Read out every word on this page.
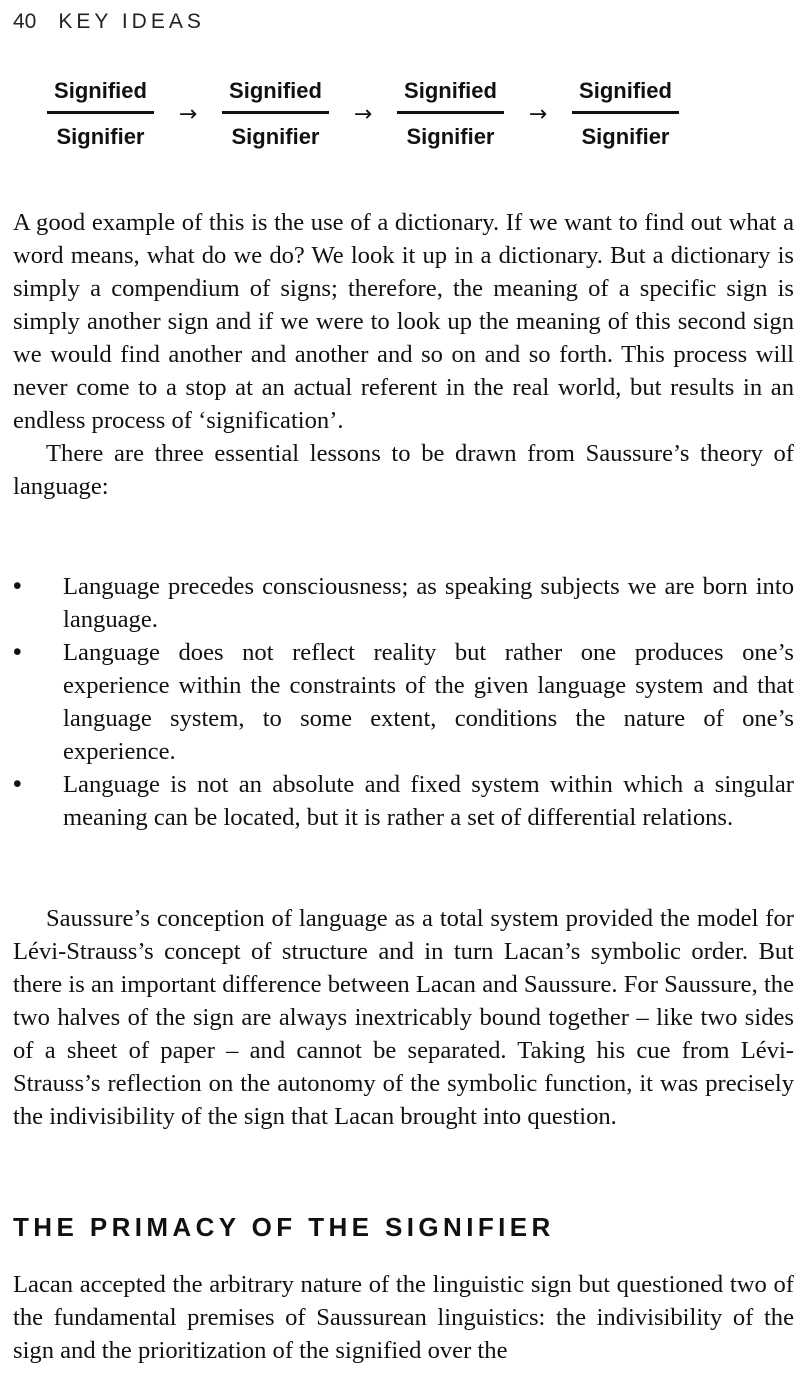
40 KEY IDEAS
$\frac{\text{Signified}}{\text{Signifier}}$	→	$\frac{\text{Signified}}{\text{Signifier}}$	→	$\frac{\text{Signified}}{\text{Signifier}}$	→	$\frac{\text{Signified}}{\text{Signifier}}$

A good example of this is the use of a dictionary. If we want to find out what a word means, what do we do? We look it up in a dictionary. But a dictionary is simply a compendium of signs; therefore, the meaning of a specific sign is simply another sign and if we were to look up the meaning of this second sign we would find another and another and so on and so forth. This process will never come to a stop at an actual referent in the real world, but results in an endless process of ‘signification’.

There are three essential lessons to be drawn from Saussure’s theory of language:

• Language precedes consciousness; as speaking subjects we are born into language.
• Language does not reflect reality but rather one produces one’s experience within the constraints of the given language system and that language system, to some extent, conditions the nature of one’s experience.
• Language is not an absolute and fixed system within which a singular meaning can be located, but it is rather a set of differential relations.

Saussure’s conception of language as a total system provided the model for Lévi-Strauss’s concept of structure and in turn Lacan’s symbolic order. But there is an important difference between Lacan and Saussure. For Saussure, the two halves of the sign are always inextricably bound together – like two sides of a sheet of paper – and cannot be separated. Taking his cue from Lévi-Strauss’s reflection on the autonomy of the symbolic function, it was precisely the indivisibility of the sign that Lacan brought into question.

THE PRIMACY OF THE SIGNIFIER

Lacan accepted the arbitrary nature of the linguistic sign but questioned two of the fundamental premises of Saussurean linguistics: the indivisibility of the sign and the prioritization of the signified over the
